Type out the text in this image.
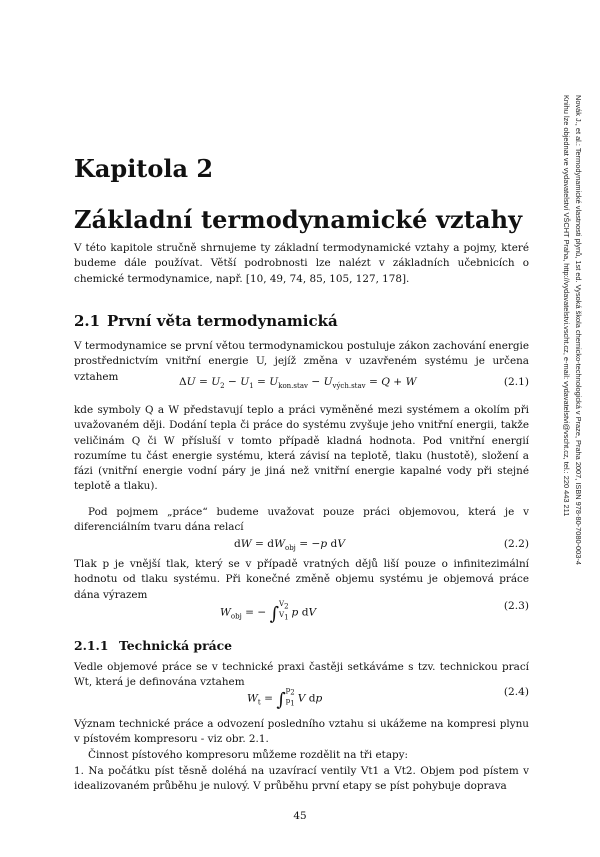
Novák J., et al.: Termodynamické vlastnosti plynů, 1st ed. Vysoká škola chemicko-technologická v Praze, Praha 2007, ISBN 978-80-7080-003-4
Knihu lze objednat ve vydavatelství VŠCHT Praha, http://vydavatelstvi.vscht.cz, e-mail: vydavatelstvi@vscht.cz, tel.: 220 443 211
Kapitola 2
Základní termodynamické vztahy
V této kapitole stručně shrnujeme ty základní termodynamické vztahy a pojmy, které budeme dále používat. Větší podrobnosti lze nalézt v základních učebnicích o chemické termodynamice, např. [10, 49, 74, 85, 105, 127, 178].
2.1 První věta termodynamická
V termodynamice se první větou termodynamickou postuluje zákon zachování energie prostřednictvím vnitřní energie U, jejíž změna v uzavřeném systému je určena vztahem	$\Delta U = U_2 - U_1 = U_{kon.stav} - U_{vých.stav} = Q + W$	(2.1)
kde symboly Q a W představují teplo a práci vyměněné mezi systémem a okolím při uvažovaném ději. Dodání tepla či práce do systému zvyšuje jeho vnitřní energii, takže veličinám Q či W přísluší v tomto případě kladná hodnota. Pod vnitřní energií rozumíme tu část energie systému, která závisí na teplotě, tlaku (hustotě), složení a fázi (vnitřní energie vodní páry je jiná než vnitřní energie kapalné vody při stejné teplotě a tlaku).
Pod pojmem „práce“ budeme uvažovat pouze práci objemovou, která je v diferenciálním tvaru dána relací
dW = $dW_{obj} = -p$ dV	(2.2)
Tlak p je vnější tlak, který se v případě vratných dějů liší pouze o infinitezimální hodnotu od tlaku systému. Při konečné změně objemu systému je objemová práce dána výrazem
$W_{obj}$ = − ∫ $V_2$
$V_1$ p dV
(2.3)
2.1.1 Technická práce
Vedle objemové práce se v technické praxi častěji setkáváme s tzv. technickou prací Wt, která je definována vztahem
$W_t$ = ∫ $p_2$
$p_1$ V dp
(2.4)
Význam technické práce a odvození posledního vztahu si ukážeme na kompresi plynu v pístovém kompresoru - viz obr. 2.1.
Činnost pístového kompresoru můžeme rozdělit na tři etapy:
1. Na počátku píst těsně doléhá na uzavírací ventily Vt1 a Vt2. Objem pod pístem v idealizovaném průběhu je nulový. V průběhu první etapy se píst pohybuje doprava
45
